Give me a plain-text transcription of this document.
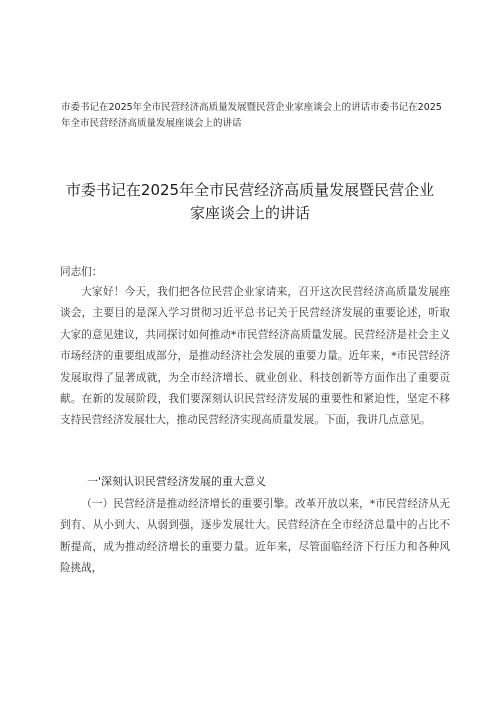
市委书记在2025年全市民营经济高质量发展暨民营企业家座谈会上的讲话市委书记在2025年全市民营经济高质量发展座谈会上的讲话
市委书记在2025年全市民营经济高质量发展暨民营企业
家座谈会上的讲话
同志们：
大家好！今天，我们把各位民营企业家请来，召开这次民营经济高质量发展座谈会，主要目的是深入学习贯彻习近平总书记关于民营经济发展的重要论述，听取大家的意见建议，共同探讨如何推动*市民营经济高质量发展。民营经济是社会主义市场经济的重要组成部分，是推动经济社会发展的重要力量。近年来，*市民营经济发展取得了显著成就，为全市经济增长、就业创业、科技创新等方面作出了重要贡献。在新的发展阶段，我们要深刻认识民营经济发展的重要性和紧迫性，坚定不移支持民营经济发展壮大，推动民营经济实现高质量发展。下面，我讲几点意见。
一'深刻认识民营经济发展的重大意义
（一）民营经济是推动经济增长的重要引擎。改革开放以来，*市民营经济从无到有、从小到大、从弱到强，逐步发展壮大。民营经济在全市经济总量中的占比不断提高，成为推动经济增长的重要力量。近年来，尽管面临经济下行压力和各种风险挑战，
